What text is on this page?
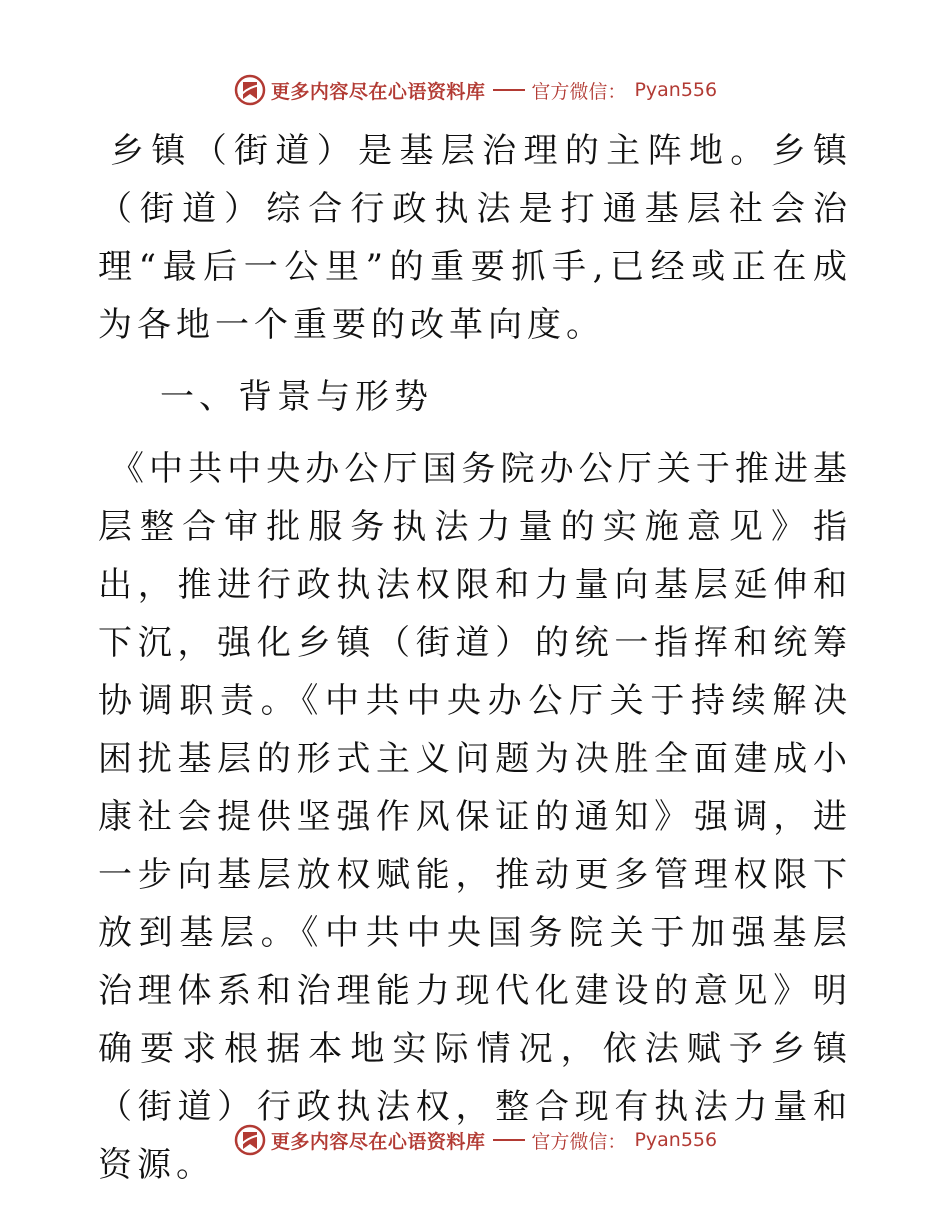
更多内容尽在心语资料库 官方微信： Pyan556

乡镇（街道）是基层治理的主阵地。乡镇（街道）综合行政执法是打通基层社会治理“最后一公里”的重要抓手,已经或正在成为各地一个重要的改革向度。

一、背景与形势

《中共中央办公厅国务院办公厅关于推进基层整合审批服务执法力量的实施意见》指出，推进行政执法权限和力量向基层延伸和下沉，强化乡镇（街道）的统一指挥和统筹协调职责。《中共中央办公厅关于持续解决困扰基层的形式主义问题为决胜全面建成小康社会提供坚强作风保证的通知》强调，进一步向基层放权赋能，推动更多管理权限下放到基层。《中共中央国务院关于加强基层治理体系和治理能力现代化建设的意见》明确要求根据本地实际情况，依法赋予乡镇（街道）行政执法权，整合现有执法力量和资源。

更多内容尽在心语资料库 官方微信： Pyan556
